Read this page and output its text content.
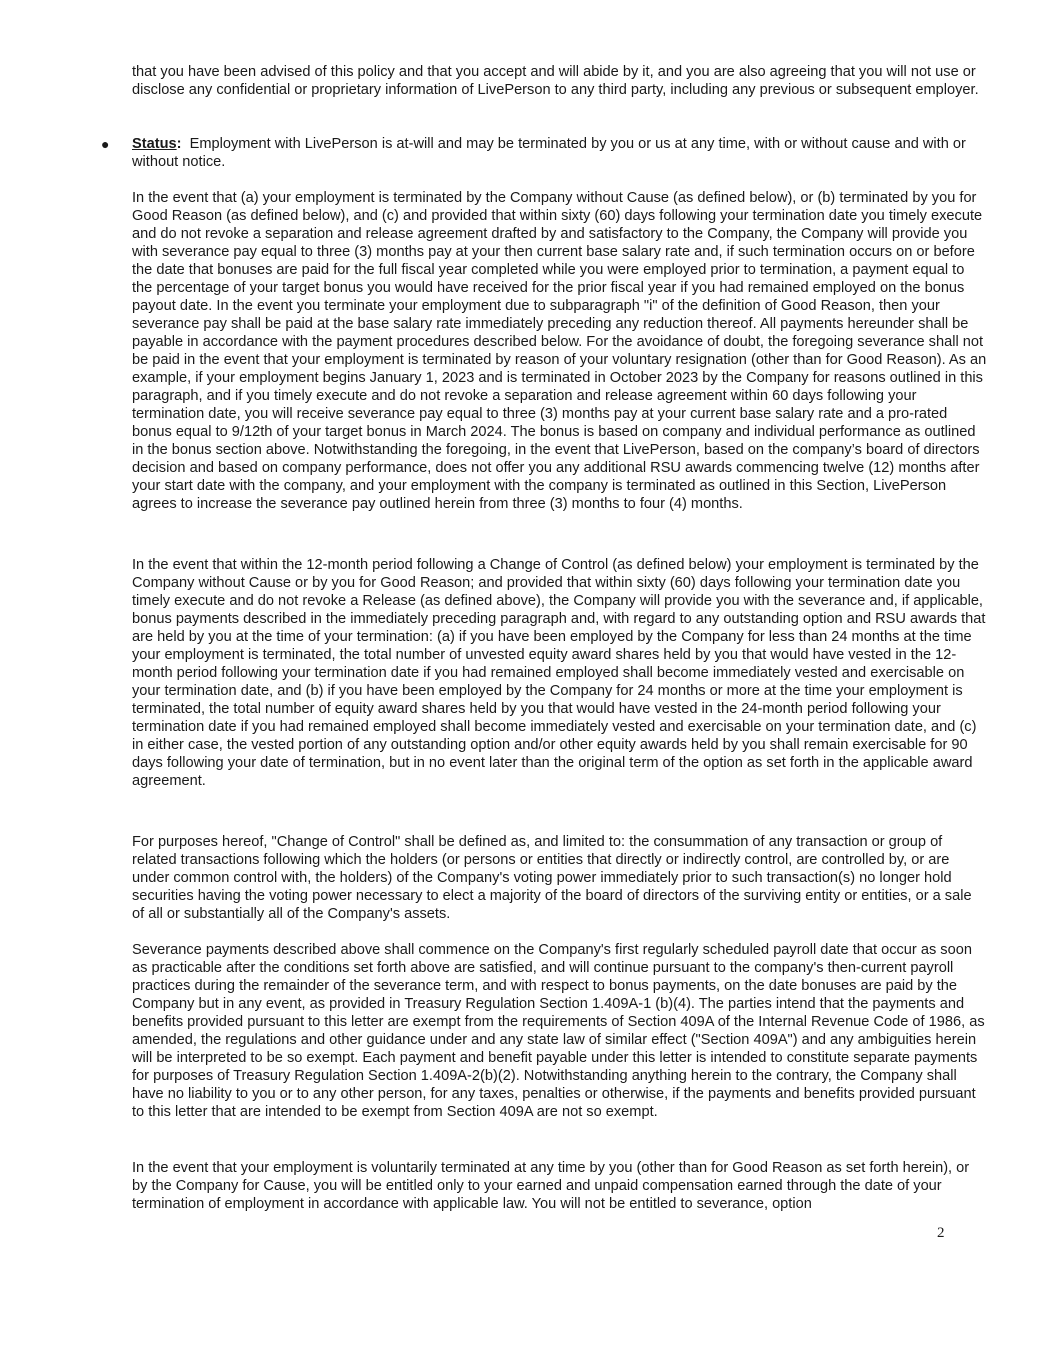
that you have been advised of this policy and that you accept and will abide by it, and you are also agreeing that you will not use or disclose any confidential or proprietary information of LivePerson to any third party, including any previous or subsequent employer.

● Status: Employment with LivePerson is at-will and may be terminated by you or us at any time, with or without cause and with or without notice.

In the event that (a) your employment is terminated by the Company without Cause (as defined below), or (b) terminated by you for Good Reason (as defined below), and (c) and provided that within sixty (60) days following your termination date you timely execute and do not revoke a separation and release agreement drafted by and satisfactory to the Company, the Company will provide you with severance pay equal to three (3) months pay at your then current base salary rate and, if such termination occurs on or before the date that bonuses are paid for the full fiscal year completed while you were employed prior to termination, a payment equal to the percentage of your target bonus you would have received for the prior fiscal year if you had remained employed on the bonus payout date. In the event you terminate your employment due to subparagraph "i" of the definition of Good Reason, then your severance pay shall be paid at the base salary rate immediately preceding any reduction thereof. All payments hereunder shall be payable in accordance with the payment procedures described below. For the avoidance of doubt, the foregoing severance shall not be paid in the event that your employment is terminated by reason of your voluntary resignation (other than for Good Reason). As an example, if your employment begins January 1, 2023 and is terminated in October 2023 by the Company for reasons outlined in this paragraph, and if you timely execute and do not revoke a separation and release agreement within 60 days following your termination date, you will receive severance pay equal to three (3) months pay at your current base salary rate and a pro-rated bonus equal to 9/12th of your target bonus in March 2024. The bonus is based on company and individual performance as outlined in the bonus section above. Notwithstanding the foregoing, in the event that LivePerson, based on the company’s board of directors decision and based on company performance, does not offer you any additional RSU awards commencing twelve (12) months after your start date with the company, and your employment with the company is terminated as outlined in this Section, LivePerson agrees to increase the severance pay outlined herein from three (3) months to four (4) months.

In the event that within the 12-month period following a Change of Control (as defined below) your employment is terminated by the Company without Cause or by you for Good Reason; and provided that within sixty (60) days following your termination date you timely execute and do not revoke a Release (as defined above), the Company will provide you with the severance and, if applicable, bonus payments described in the immediately preceding paragraph and, with regard to any outstanding option and RSU awards that are held by you at the time of your termination: (a) if you have been employed by the Company for less than 24 months at the time your employment is terminated, the total number of unvested equity award shares held by you that would have vested in the 12-month period following your termination date if you had remained employed shall become immediately vested and exercisable on your termination date, and (b) if you have been employed by the Company for 24 months or more at the time your employment is terminated, the total number of equity award shares held by you that would have vested in the 24-month period following your termination date if you had remained employed shall become immediately vested and exercisable on your termination date, and (c) in either case, the vested portion of any outstanding option and/or other equity awards held by you shall remain exercisable for 90 days following your date of termination, but in no event later than the original term of the option as set forth in the applicable award agreement.

For purposes hereof, "Change of Control" shall be defined as, and limited to: the consummation of any transaction or group of related transactions following which the holders (or persons or entities that directly or indirectly control, are controlled by, or are under common control with, the holders) of the Company's voting power immediately prior to such transaction(s) no longer hold securities having the voting power necessary to elect a majority of the board of directors of the surviving entity or entities, or a sale of all or substantially all of the Company's assets.

Severance payments described above shall commence on the Company's first regularly scheduled payroll date that occur as soon as practicable after the conditions set forth above are satisfied, and will continue pursuant to the company's then-current payroll practices during the remainder of the severance term, and with respect to bonus payments, on the date bonuses are paid by the Company but in any event, as provided in Treasury Regulation Section 1.409A-1 (b)(4). The parties intend that the payments and benefits provided pursuant to this letter are exempt from the requirements of Section 409A of the Internal Revenue Code of 1986, as amended, the regulations and other guidance under and any state law of similar effect ("Section 409A") and any ambiguities herein will be interpreted to be so exempt. Each payment and benefit payable under this letter is intended to constitute separate payments for purposes of Treasury Regulation Section 1.409A-2(b)(2). Notwithstanding anything herein to the contrary, the Company shall have no liability to you or to any other person, for any taxes, penalties or otherwise, if the payments and benefits provided pursuant to this letter that are intended to be exempt from Section 409A are not so exempt.

In the event that your employment is voluntarily terminated at any time by you (other than for Good Reason as set forth herein), or by the Company for Cause, you will be entitled only to your earned and unpaid compensation earned through the date of your termination of employment in accordance with applicable law. You will not be entitled to severance, option

2
